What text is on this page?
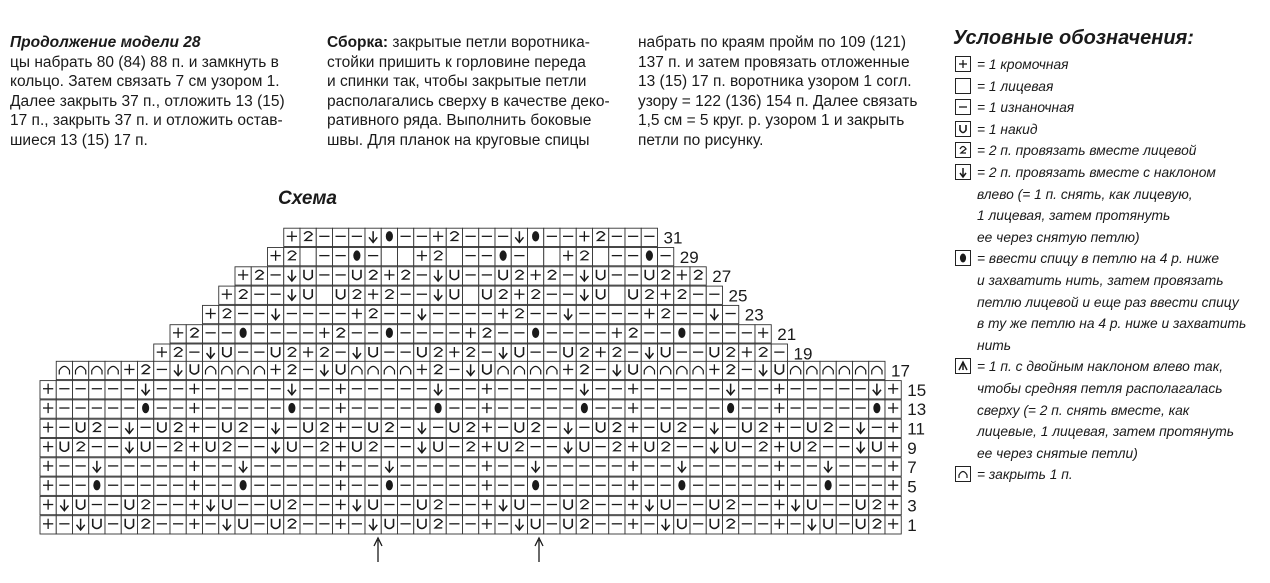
Продолжение модели 28

цы набрать 80 (84) 88 п. и замкнуть в

кольцо. Затем связать 7 см узором 1.

Далее закрыть 37 п., отложить 13 (15)

17 п., закрыть 37 п. и отложить остав-

шиеся 13 (15) 17 п.

Сборка: закрытые петли воротника-

стойки пришить к горловине переда

и спинки так, чтобы закрытые петли

располагались сверху в качестве деко-

ративного ряда. Выполнить боковые

швы. Для планок на круговые спицы

набрать по краям пройм по 109 (121)

137 п. и затем провязать отложенные

13 (15) 17 п. воротника узором 1 согл.

узору = 122 (136) 154 п. Далее связать

1,5 см = 5 круг. р. узором 1 и закрыть

петли по рисунку.

Условные обозначения:

= 1 кромочная
= 1 лицевая
= 1 изнаночная
= 1 накид
= 2 п. провязать вместе лицевой
= 2 п. провязать вместе с наклоном
влево (= 1 п. снять, как лицевую,
1 лицевая, затем протянуть
ее через снятую петлю)
= ввести спицу в петлю на 4 р. ниже
и захватить нить, затем провязать
петлю лицевой и еще раз ввести спицу
в ту же петлю на 4 р. ниже и захватить
нить
= 1 п. с двойным наклоном влево так,
чтобы средняя петля располагалась
сверху (= 2 п. снять вместе, как
лицевые, 1 лицевая, затем протянуть
ее через снятые петли)
= закрыть 1 п.

Схема

31
29
27
25
23
21
19
17
15
13
11
9
7
5
3
1
